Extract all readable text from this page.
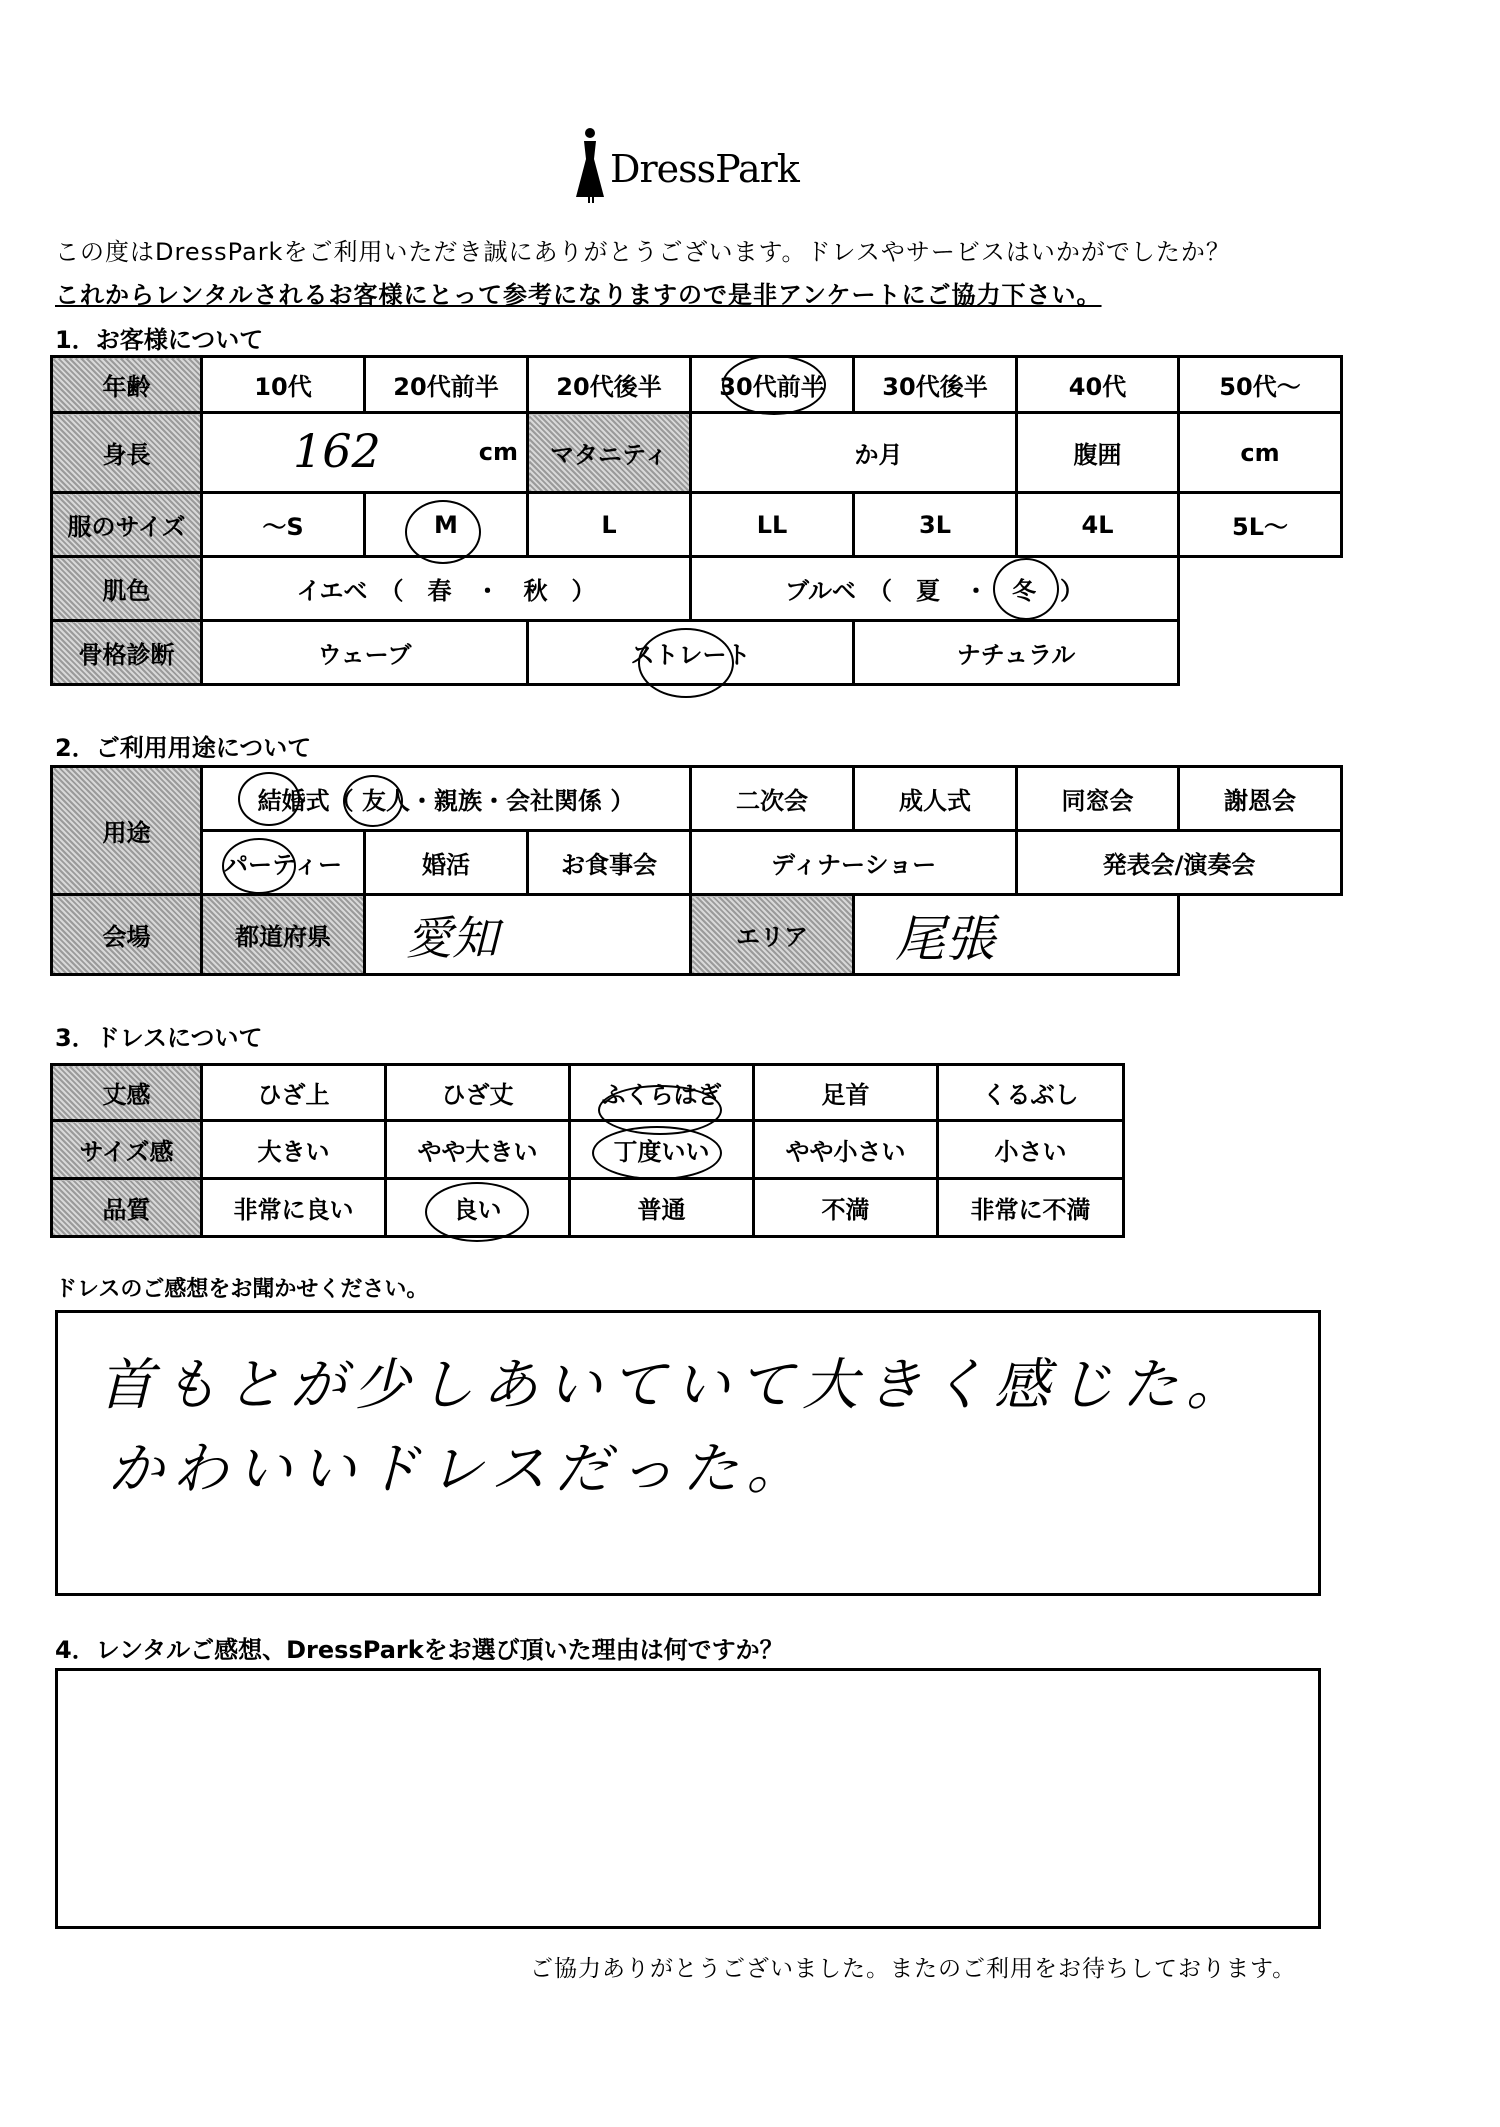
DressPark
この度はDressParkをご利用いただき誠にありがとうございます。ドレスやサービスはいかがでしたか？
これからレンタルされるお客様にとって参考になりますので是非アンケートにご協力下さい。
1．お客様について
年齢	10代	20代前半	20代後半	30代前半	30代後半	40代	50代～
身長	162 cm		マタニティ	か月		腹囲	cm
服のサイズ	～S	M	L	LL	3L	4L	5L～
肌色	イエベ　（　春　・　秋　）			ブルベ　（　夏　・　 冬　 ）			
骨格診断	ウェーブ		ストレート		ナチュラル		
2．ご利用用途について
用途	結婚式（ 友人・親族・会社関係 ）			二次会	成人式	同窓会	謝恩会
	パーティー	婚活	お食事会	ディナーショー		発表会/演奏会	
会場	都道府県	愛知		エリア	尾張		
3．ドレスについて
丈感	ひざ上	ひざ丈	ふくらはぎ	足首	くるぶし
サイズ感	大きい	やや大きい	丁度いい	やや小さい	小さい
品質	非常に良い	良い	普通	不満	非常に不満
ドレスのご感想をお聞かせください。
首もとが少しあいていて大きく感じた。
かわいいドレスだった。
4．レンタルご感想、DressParkをお選び頂いた理由は何ですか？
ご協力ありがとうございました。またのご利用をお待ちしております。
